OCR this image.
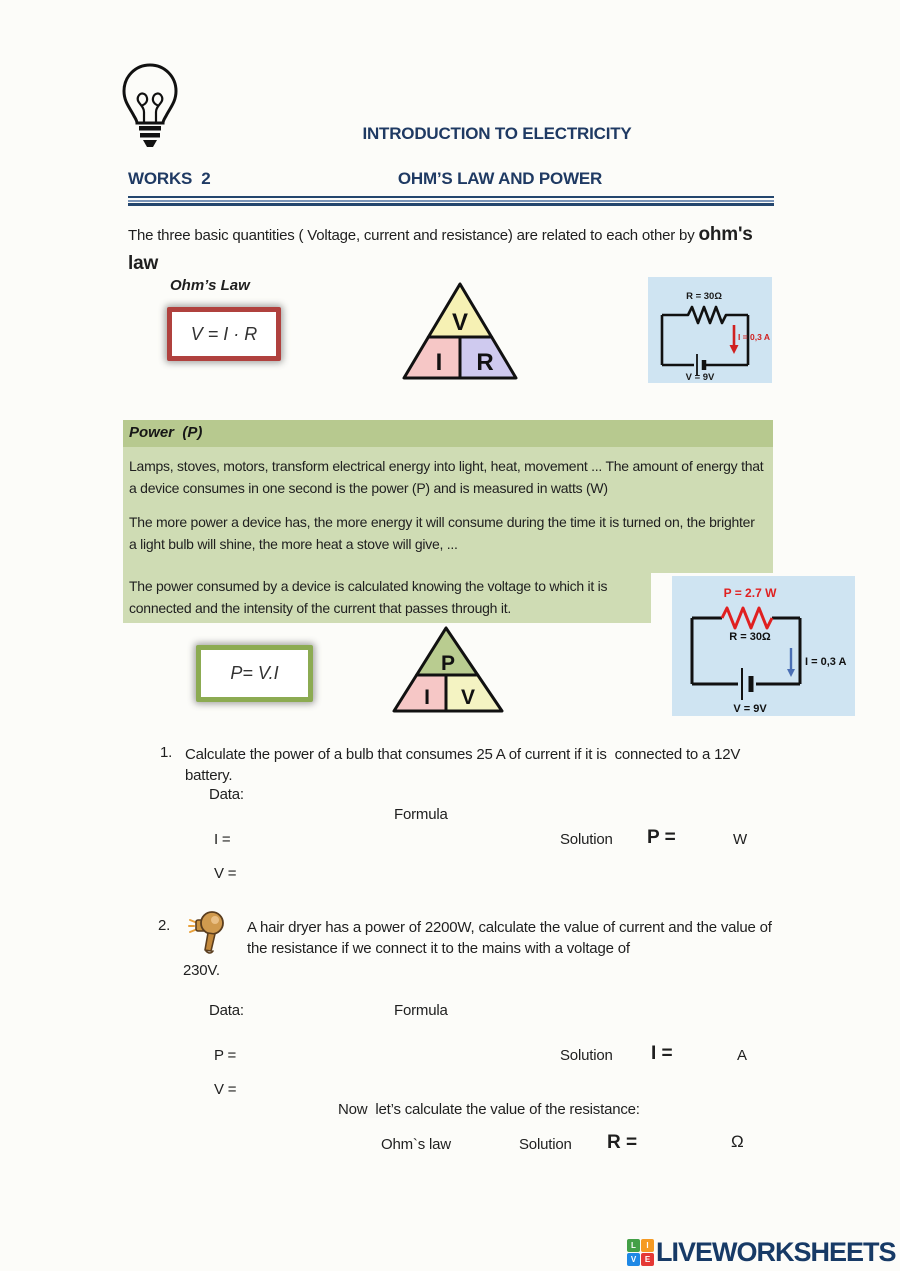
INTRODUCTION TO ELECTRICITY
WORKS  2	OHM’S LAW AND POWER
The three basic quantities ( Voltage, current and resistance) are related to each other by ohm's
law
Ohm’s Law
V = I · R	V
I R
R = 30Ω
I = 0,3 A
V = 9V
Power  (P)
Lamps, stoves, motors, transform electrical energy into light, heat, movement ... The amount of energy that a device consumes in one second is the power (P) and is measured in watts (W)
The more power a device has, the more energy it will consume during the time it is turned on, the brighter a light bulb will shine, the more heat a stove will give, ...
The power consumed by a device is calculated knowing the voltage to which it is connected and the intensity of the current that passes through it.
P = 2.7 W
R = 30Ω
I = 0,3 A
V = 9V
P= V.I	P
I V
1. Calculate the power of a bulb that consumes 25 A of current if it is  connected to a 12V battery.
Data:
Formula
I =	Solution P =	W
V =
2.	A hair dryer has a power of 2200W, calculate the value of current and the value of the resistance if we connect it to the mains with a voltage of
230V.
Data:	Formula
P =	Solution I =	A
V =
Now  let’s calculate the value of the resistance:
Ohm`s law	Solution R =	Ω
L	I
V	E LIVEWORKSHEETS
